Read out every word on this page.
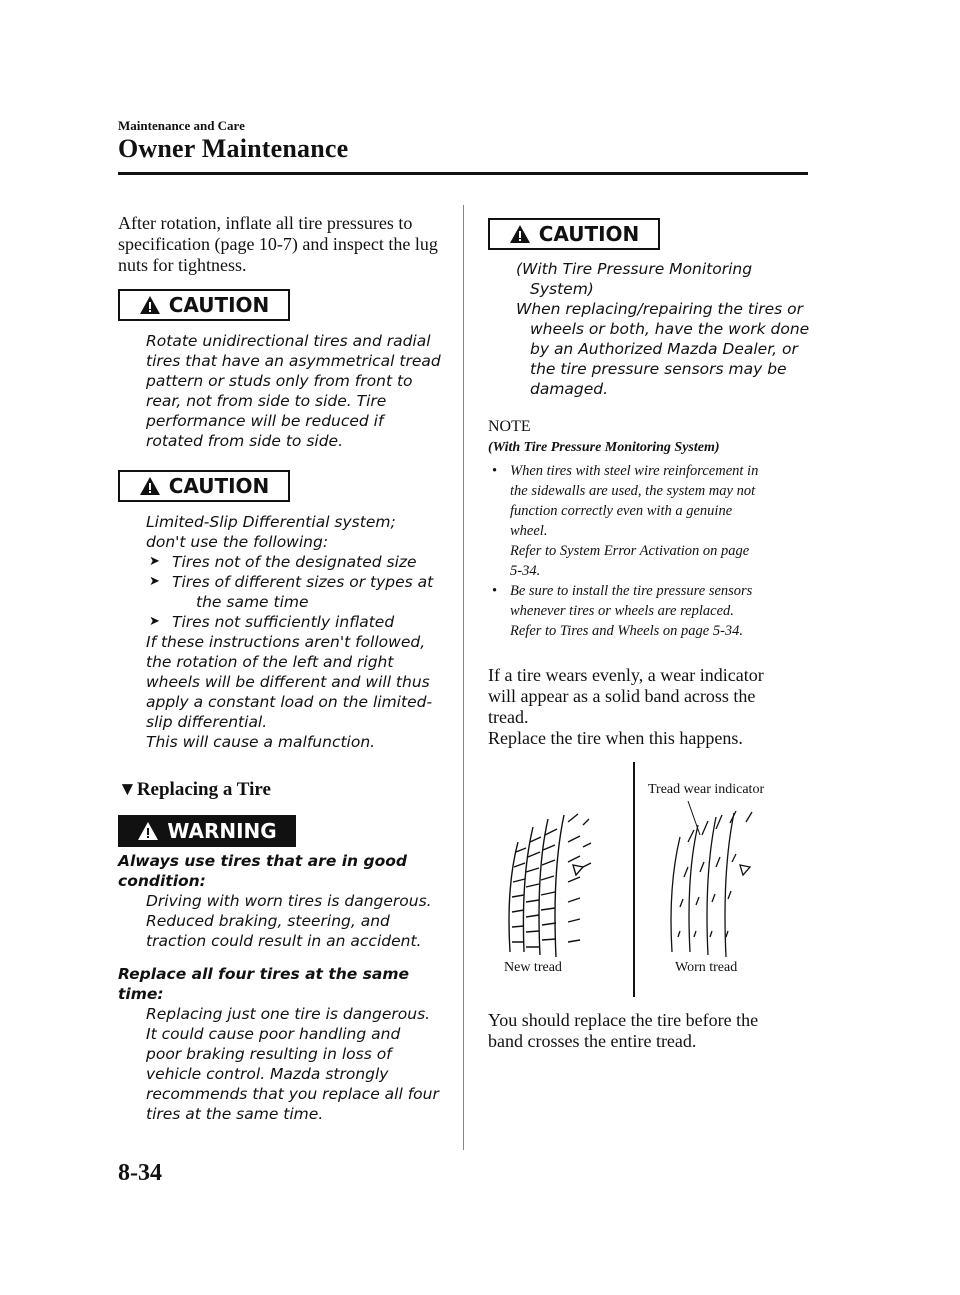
Maintenance and Care
Owner Maintenance
After rotation, inflate all tire pressures to specification (page 10-7) and inspect the lug nuts for tightness.
CAUTION
Rotate unidirectional tires and radial
tires that have an asymmetrical tread
pattern or studs only from front to
rear, not from side to side. Tire
performance will be reduced if
rotated from side to side.
CAUTION
Limited-Slip Differential system;
don't use the following:
➤ Tires not of the designated size
➤ Tires of different sizes or types at
the same time
➤ Tires not sufficiently inflated
If these instructions aren't followed,
the rotation of the left and right
wheels will be different and will thus
apply a constant load on the limited-
slip differential.
This will cause a malfunction.
▼Replacing a Tire
WARNING
Always use tires that are in good
condition:
Driving with worn tires is dangerous.
Reduced braking, steering, and
traction could result in an accident.
Replace all four tires at the same time:
Replacing just one tire is dangerous.
It could cause poor handling and
poor braking resulting in loss of
vehicle control. Mazda strongly
recommends that you replace all four
tires at the same time.
CAUTION
(With Tire Pressure Monitoring
System)
When replacing/repairing the tires or
wheels or both, have the work done
by an Authorized Mazda Dealer, or
the tire pressure sensors may be
damaged.
NOTE
(With Tire Pressure Monitoring System)
• When tires with steel wire reinforcement in
the sidewalls are used, the system may not
function correctly even with a genuine
wheel.
Refer to System Error Activation on page
5-34.
• Be sure to install the tire pressure sensors
whenever tires or wheels are replaced.
Refer to Tires and Wheels on page 5-34.
If a tire wears evenly, a wear indicator
will appear as a solid band across the
tread.
Replace the tire when this happens.
Tread wear indicator
New tread	Worn tread
You should replace the tire before the
band crosses the entire tread.
8-34
